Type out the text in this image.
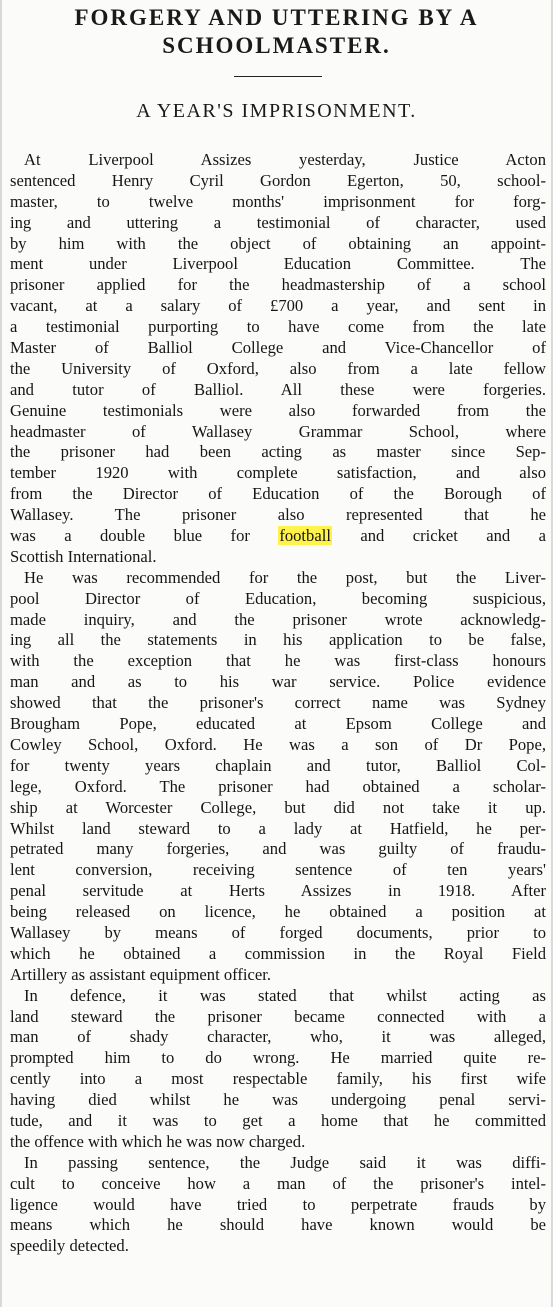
FORGERY AND UTTERING BY A
SCHOOLMASTER.
A YEAR'S IMPRISONMENT.
At Liverpool Assizes yesterday, Justice Acton
sentenced Henry Cyril Gordon Egerton, 50, school-
master, to twelve months' imprisonment for forg-
ing and uttering a testimonial of character, used
by him with the object of obtaining an appoint-
ment under Liverpool Education Committee. The
prisoner applied for the headmastership of a school
vacant, at a salary of £700 a year, and sent in
a testimonial purporting to have come from the late
Master of Balliol College and Vice-Chancellor of
the University of Oxford, also from a late fellow
and tutor of Balliol. All these were forgeries.
Genuine testimonials were also forwarded from the
headmaster of Wallasey Grammar School, where
the prisoner had been acting as master since Sep-
tember 1920 with complete satisfaction, and also
from the Director of Education of the Borough of
Wallasey. The prisoner also represented that he
was a double blue for football and cricket and a
Scottish International.
He was recommended for the post, but the Liver-
pool Director of Education, becoming suspicious,
made inquiry, and the prisoner wrote acknowledg-
ing all the statements in his application to be false,
with the exception that he was first-class honours
man and as to his war service. Police evidence
showed that the prisoner's correct name was Sydney
Brougham Pope, educated at Epsom College and
Cowley School, Oxford. He was a son of Dr Pope,
for twenty years chaplain and tutor, Balliol Col-
lege, Oxford. The prisoner had obtained a scholar-
ship at Worcester College, but did not take it up.
Whilst land steward to a lady at Hatfield, he per-
petrated many forgeries, and was guilty of fraudu-
lent conversion, receiving sentence of ten years'
penal servitude at Herts Assizes in 1918. After
being released on licence, he obtained a position at
Wallasey by means of forged documents, prior to
which he obtained a commission in the Royal Field
Artillery as assistant equipment officer.
In defence, it was stated that whilst acting as
land steward the prisoner became connected with a
man of shady character, who, it was alleged,
prompted him to do wrong. He married quite re-
cently into a most respectable family, his first wife
having died whilst he was undergoing penal servi-
tude, and it was to get a home that he committed
the offence with which he was now charged.
In passing sentence, the Judge said it was diffi-
cult to conceive how a man of the prisoner's intel-
ligence would have tried to perpetrate frauds by
means which he should have known would be
speedily detected.
